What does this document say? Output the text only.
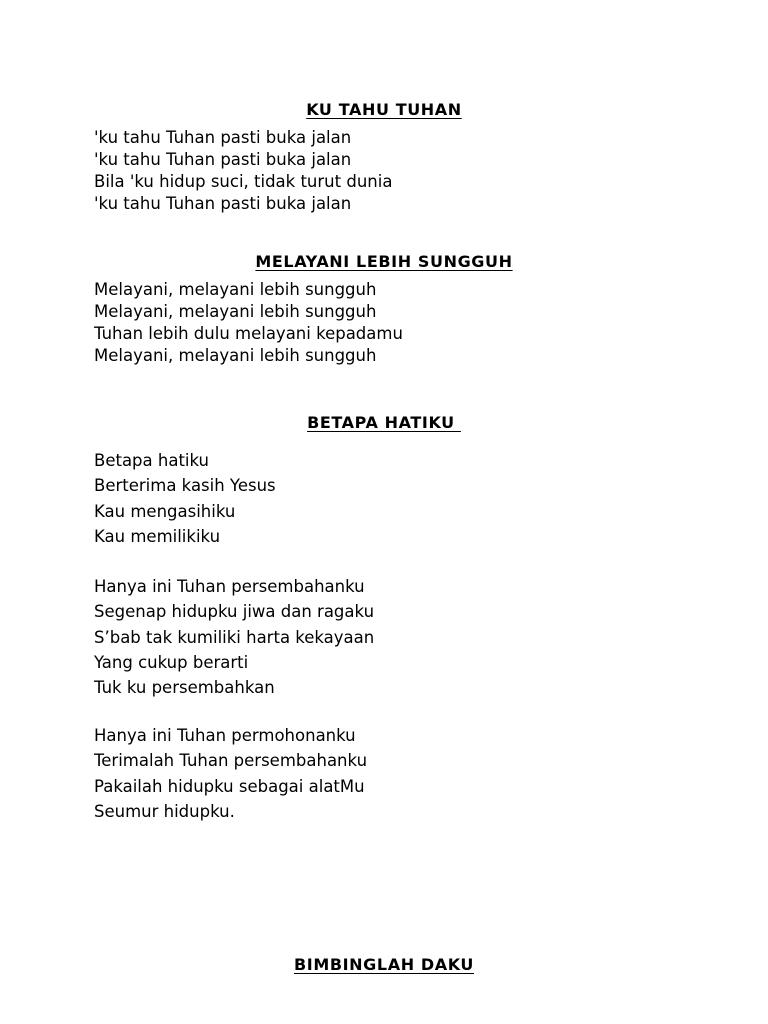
KU TAHU TUHAN
'ku tahu Tuhan pasti buka jalan
'ku tahu Tuhan pasti buka jalan
Bila 'ku hidup suci, tidak turut dunia
'ku tahu Tuhan pasti buka jalan
MELAYANI LEBIH SUNGGUH
Melayani, melayani lebih sungguh
Melayani, melayani lebih sungguh
Tuhan lebih dulu melayani kepadamu
Melayani, melayani lebih sungguh
BETAPA HATIKU
Betapa hatiku
Berterima kasih Yesus
Kau mengasihiku
Kau memilikiku
Hanya ini Tuhan persembahanku
Segenap hidupku jiwa dan ragaku
S’bab tak kumiliki harta kekayaan
Yang cukup berarti
Tuk ku persembahkan
Hanya ini Tuhan permohonanku
Terimalah Tuhan persembahanku
Pakailah hidupku sebagai alatMu
Seumur hidupku.
BIMBINGLAH DAKU
